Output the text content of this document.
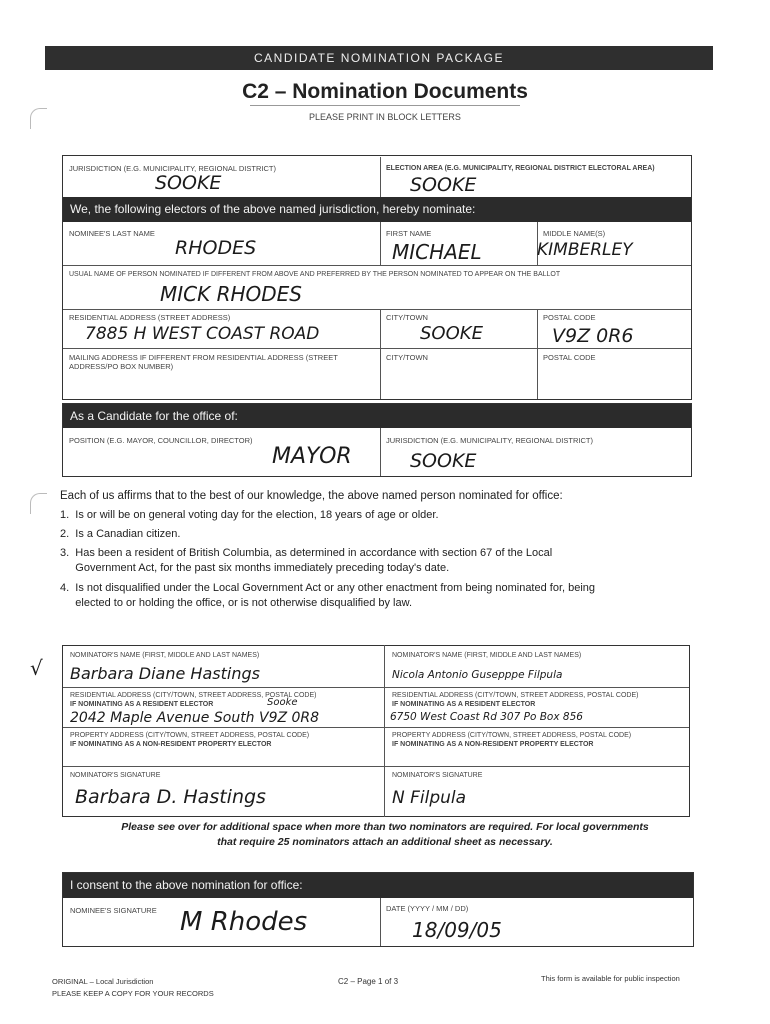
CANDIDATE NOMINATION PACKAGE
C2 – Nomination Documents
PLEASE PRINT IN BLOCK LETTERS
JURISDICTION (E.G. MUNICIPALITY, REGIONAL DISTRICT)
SOOKE
ELECTION AREA (E.G. MUNICIPALITY, REGIONAL DISTRICT ELECTORAL AREA)
SOOKE
We, the following electors of the above named jurisdiction, hereby nominate:
NOMINEE'S LAST NAME
RHODES
FIRST NAME
MICHAEL
MIDDLE NAME(S)
KIMBERLEY
USUAL NAME OF PERSON NOMINATED IF DIFFERENT FROM ABOVE AND PREFERRED BY THE PERSON NOMINATED TO APPEAR ON THE BALLOT
MICK RHODES
RESIDENTIAL ADDRESS (STREET ADDRESS)
7885 H WEST COAST ROAD
CITY/TOWN
SOOKE
POSTAL CODE
V9Z 0R6
MAILING ADDRESS IF DIFFERENT FROM RESIDENTIAL ADDRESS (STREET ADDRESS/PO BOX NUMBER)
CITY/TOWN	POSTAL CODE
As a Candidate for the office of:
POSITION (E.G. MAYOR, COUNCILLOR, DIRECTOR)
MAYOR
JURISDICTION (E.G. MUNICIPALITY, REGIONAL DISTRICT)
SOOKE
Each of us affirms that to the best of our knowledge, the above named person nominated for office:
1.  Is or will be on general voting day for the election, 18 years of age or older.
2.  Is a Canadian citizen.
3.  Has been a resident of British Columbia, as determined in accordance with section 67 of the Local
Government Act, for the past six months immediately preceding today's date.
4.  Is not disqualified under the Local Government Act or any other enactment from being nominated for, being
elected to or holding the office, or is not otherwise disqualified by law.
√
NOMINATOR'S NAME (FIRST, MIDDLE AND LAST NAMES)
Barbara Diane Hastings
RESIDENTIAL ADDRESS (CITY/TOWN, STREET ADDRESS, POSTAL CODE)
IF NOMINATING AS A RESIDENT ELECTOR	Sooke
2042 Maple Avenue South V9Z 0R8
PROPERTY ADDRESS (CITY/TOWN, STREET ADDRESS, POSTAL CODE)
IF NOMINATING AS A NON-RESIDENT PROPERTY ELECTOR
NOMINATOR'S SIGNATURE
Barbara D. Hastings
NOMINATOR'S NAME (FIRST, MIDDLE AND LAST NAMES)
Nicola Antonio Gusepppe Filpula
RESIDENTIAL ADDRESS (CITY/TOWN, STREET ADDRESS, POSTAL CODE)
IF NOMINATING AS A RESIDENT ELECTOR
6750 West Coast Rd 307 Po Box 856
PROPERTY ADDRESS (CITY/TOWN, STREET ADDRESS, POSTAL CODE)
IF NOMINATING AS A NON-RESIDENT PROPERTY ELECTOR
NOMINATOR'S SIGNATURE
N Filpula
Please see over for additional space when more than two nominators are required. For local governments
that require 25 nominators attach an additional sheet as necessary.
I consent to the above nomination for office:
NOMINEE'S SIGNATURE M Rhodes	DATE (YYYY / MM / DD)
18/09/05
ORIGINAL – Local Jurisdiction
PLEASE KEEP A COPY FOR YOUR RECORDS
C2 – Page 1 of 3	This form is available for public inspection
